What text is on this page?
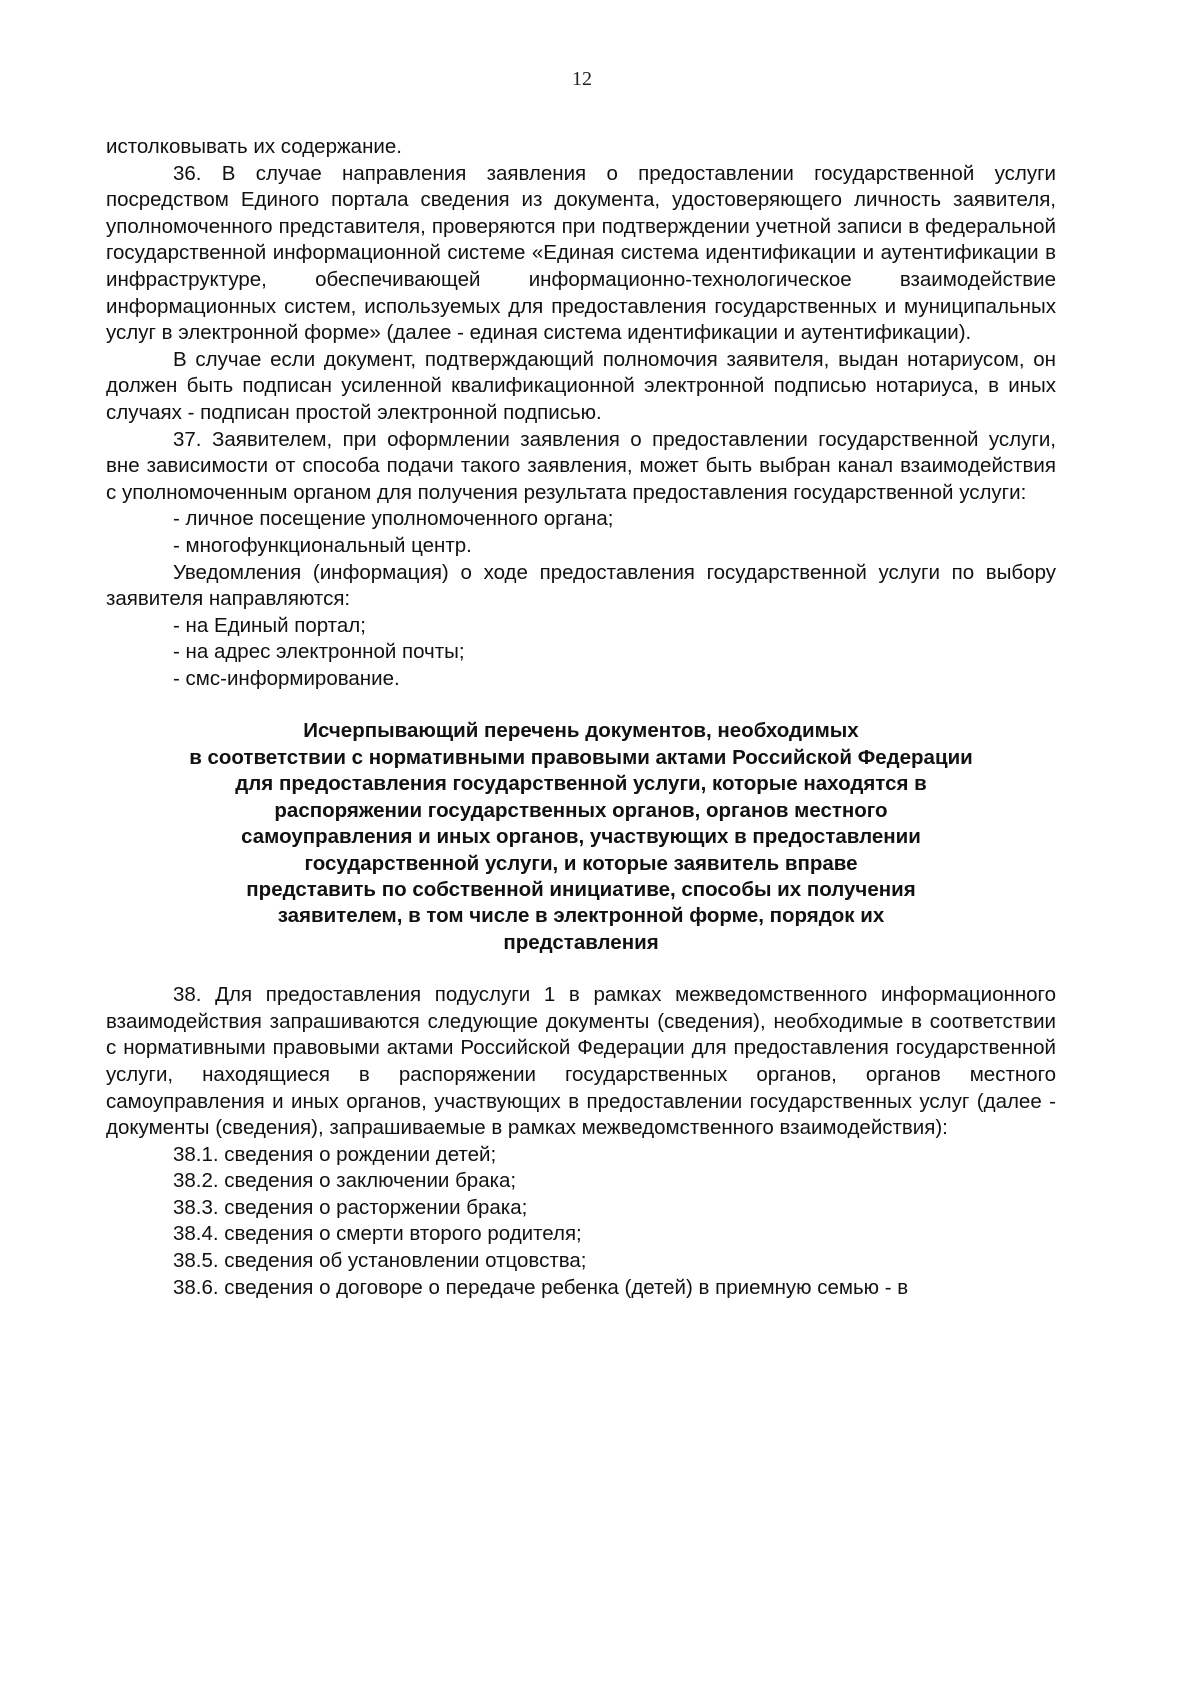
12

истолковывать их содержание.

36. В случае направления заявления о предоставлении государственной услуги посредством Единого портала сведения из документа, удостоверяющего личность заявителя, уполномоченного представителя, проверяются при подтверждении учетной записи в федеральной государственной информационной системе «Единая система идентификации и аутентификации в инфраструктуре, обеспечивающей информационно-технологическое взаимодействие информационных систем, используемых для предоставления государственных и муниципальных услуг в электронной форме» (далее - единая система идентификации и аутентификации).

В случае если документ, подтверждающий полномочия заявителя, выдан нотариусом, он должен быть подписан усиленной квалификационной электронной подписью нотариуса, в иных случаях - подписан простой электронной подписью.

37. Заявителем, при оформлении заявления о предоставлении государственной услуги, вне зависимости от способа подачи такого заявления, может быть выбран канал взаимодействия с уполномоченным органом для получения результата предоставления государственной услуги:

- личное посещение уполномоченного органа;

- многофункциональный центр.

Уведомления (информация) о ходе предоставления государственной услуги по выбору заявителя направляются:

- на Единый портал;

- на адрес электронной почты;

- смс-информирование.

Исчерпывающий перечень документов, необходимых
в соответствии с нормативными правовыми актами Российской Федерации
для предоставления государственной услуги, которые находятся в
распоряжении государственных органов, органов местного
самоуправления и иных органов, участвующих в предоставлении
государственной услуги, и которые заявитель вправе
представить по собственной инициативе, способы их получения
заявителем, в том числе в электронной форме, порядок их
представления

38. Для предоставления подуслуги 1 в рамках межведомственного информационного взаимодействия запрашиваются следующие документы (сведения), необходимые в соответствии с нормативными правовыми актами Российской Федерации для предоставления государственной услуги, находящиеся в распоряжении государственных органов, органов местного самоуправления и иных органов, участвующих в предоставлении государственных услуг (далее - документы (сведения), запрашиваемые в рамках межведомственного взаимодействия):

38.1. сведения о рождении детей;

38.2. сведения о заключении брака;

38.3. сведения о расторжении брака;

38.4. сведения о смерти второго родителя;

38.5. сведения об установлении отцовства;

38.6. сведения о договоре о передаче ребенка (детей) в приемную семью - в
